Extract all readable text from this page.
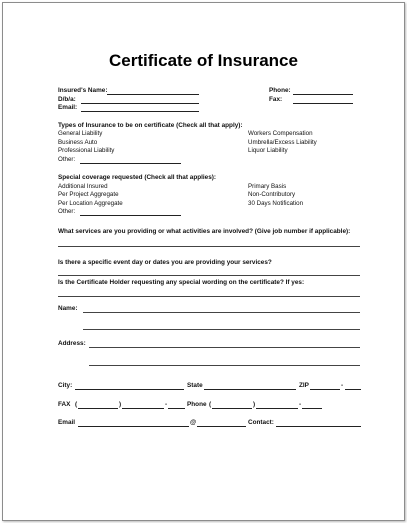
Certificate of Insurance
Insured's Name:
D/b/a:
Email:
Phone:
Fax:
Types of Insurance to be on certificate (Check all that apply):
General Liability
Business Auto
Professional Liability
Other:
Workers Compensation
Umbrella/Excess Liability
Liquor Liability
Special coverage requested (Check all that applies):
Additional Insured
Per Project Aggregate
Per Location Aggregate
Other:
Primary Basis
Non-Contributory
30 Days Notification
What services are you providing or what activities are involved? (Give job number if applicable):
Is there a specific event day or dates you are providing your services?
Is the Certificate Holder requesting any special wording on the certificate? If yes:
Name:
Address:
City:	State	ZIP	-
FAX (	)	-	Phone (	)	-
Email	@	Contact:
